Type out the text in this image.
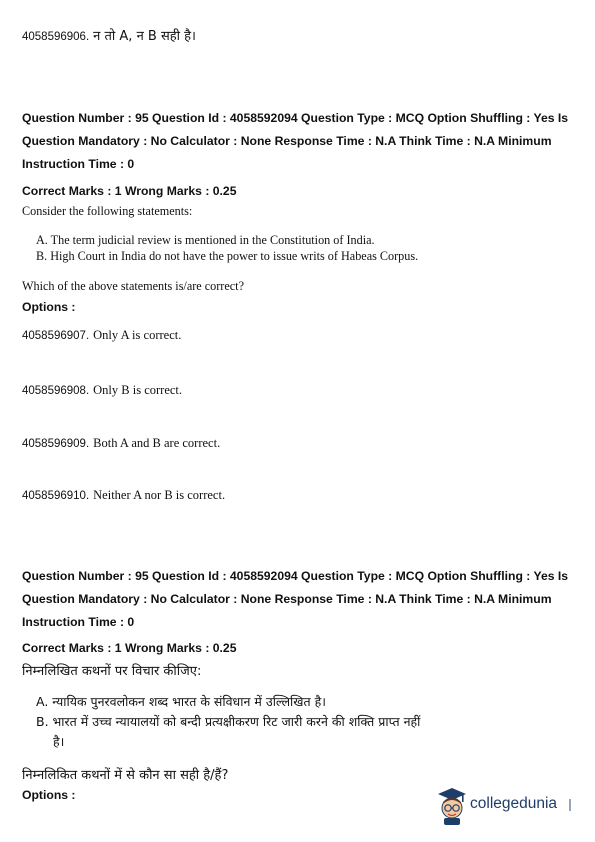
4058596906. न तो A, न B सही है।
Question Number : 95 Question Id : 4058592094 Question Type : MCQ Option Shuffling : Yes Is
Question Mandatory : No Calculator : None Response Time : N.A Think Time : N.A Minimum
Instruction Time : 0
Correct Marks : 1 Wrong Marks : 0.25
Consider the following statements:
A. The term judicial review is mentioned in the Constitution of India.
B. High Court in India do not have the power to issue writs of Habeas Corpus.
Which of the above statements is/are correct?
Options :
4058596907. Only A is correct.
4058596908. Only B is correct.
4058596909. Both A and B are correct.
4058596910. Neither A nor B is correct.
Question Number : 95 Question Id : 4058592094 Question Type : MCQ Option Shuffling : Yes Is
Question Mandatory : No Calculator : None Response Time : N.A Think Time : N.A Minimum
Instruction Time : 0
Correct Marks : 1 Wrong Marks : 0.25
निम्नलिखित कथनों पर विचार कीजिए:
A. न्यायिक पुनरवलोकन शब्द भारत के संविधान में उल्लिखित है।
B. भारत में उच्च न्यायालयों को बन्दी प्रत्यक्षीकरण रिट जारी करने की शक्ति प्राप्त नहीं
है।
निम्नलिकित कथनों में से कौन सा सही है/हैं?
Options :	collegedunia
